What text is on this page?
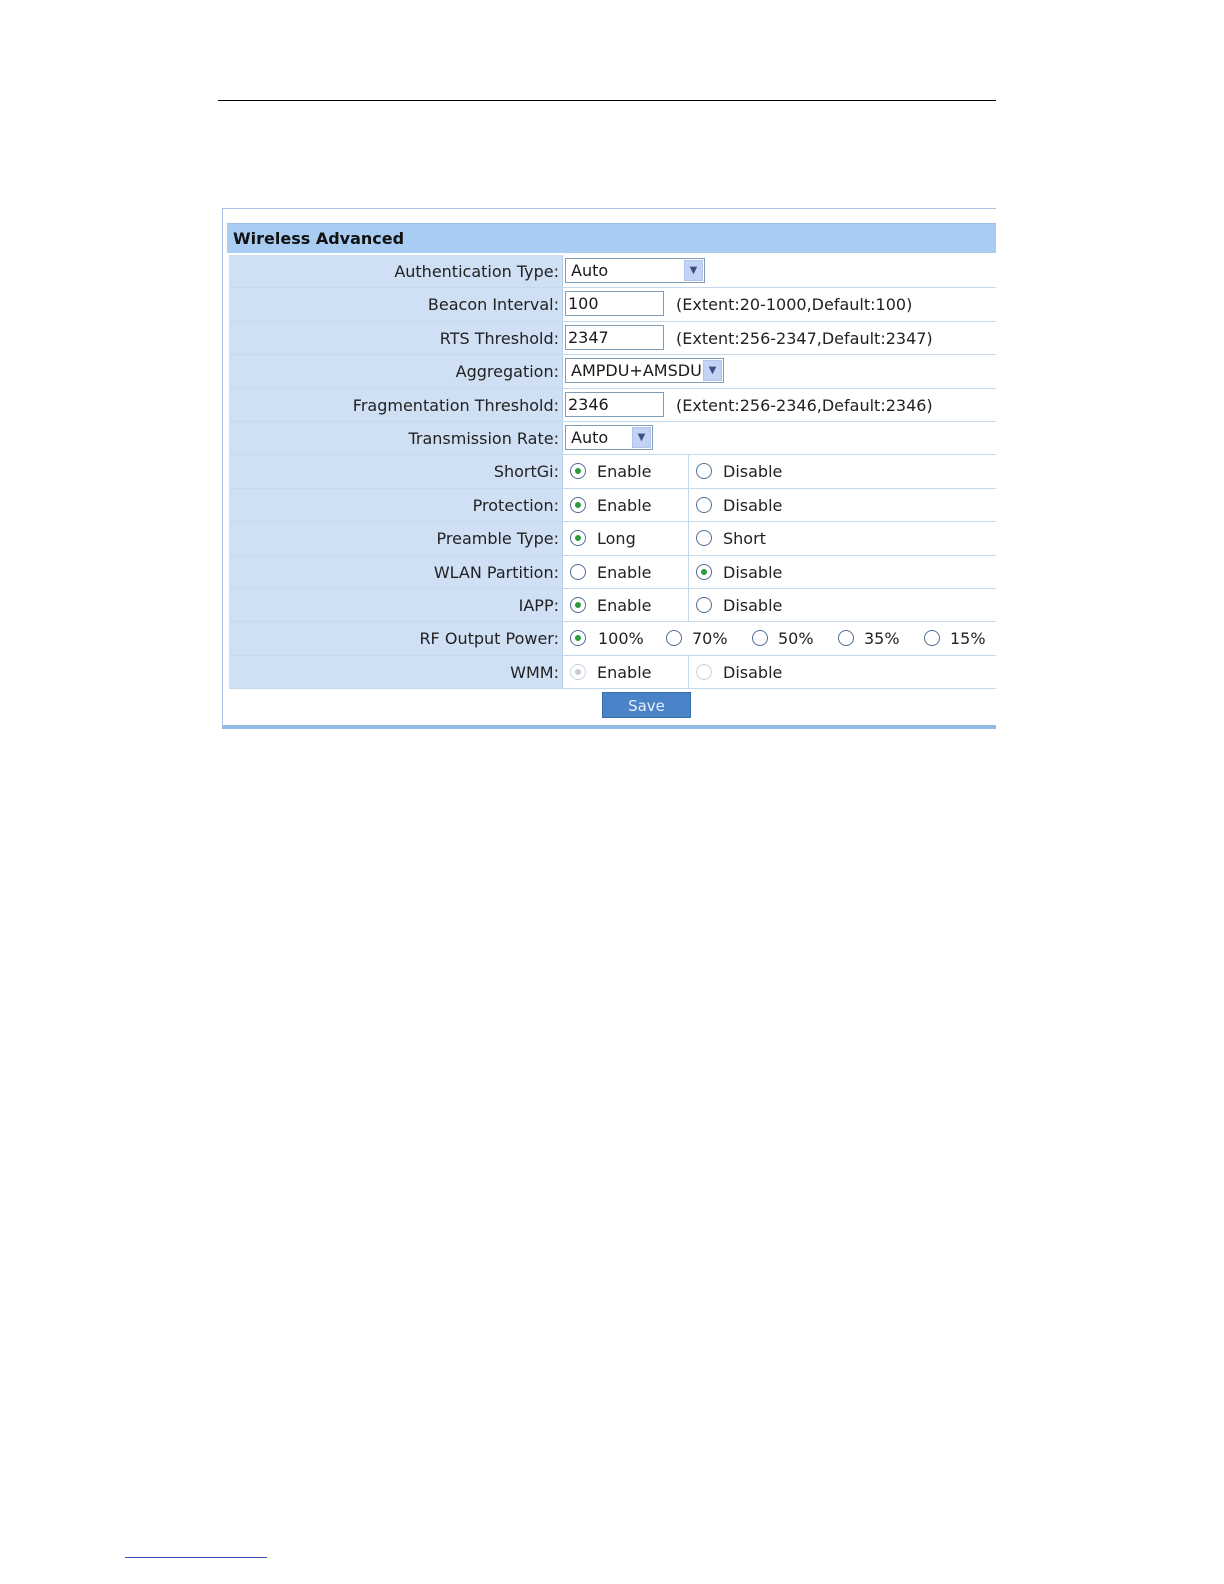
Wireless Advanced
Authentication Type: Auto	▼
Beacon Interval: 100	(Extent:20-1000,Default:100)
RTS Threshold: 2347	(Extent:256-2347,Default:2347)
Aggregation: AMPDU+AMSDU ▼
Fragmentation Threshold: 2346	(Extent:256-2346,Default:2346)
Transmission Rate: Auto	▼
ShortGi: Enable	Disable
Protection: Enable	Disable
Preamble Type: Long	Short
WLAN Partition: Enable	Disable
IAPP: Enable	Disable
RF Output Power: 100%	70%	50%	35%	15%
WMM: Enable	Disable
Save
